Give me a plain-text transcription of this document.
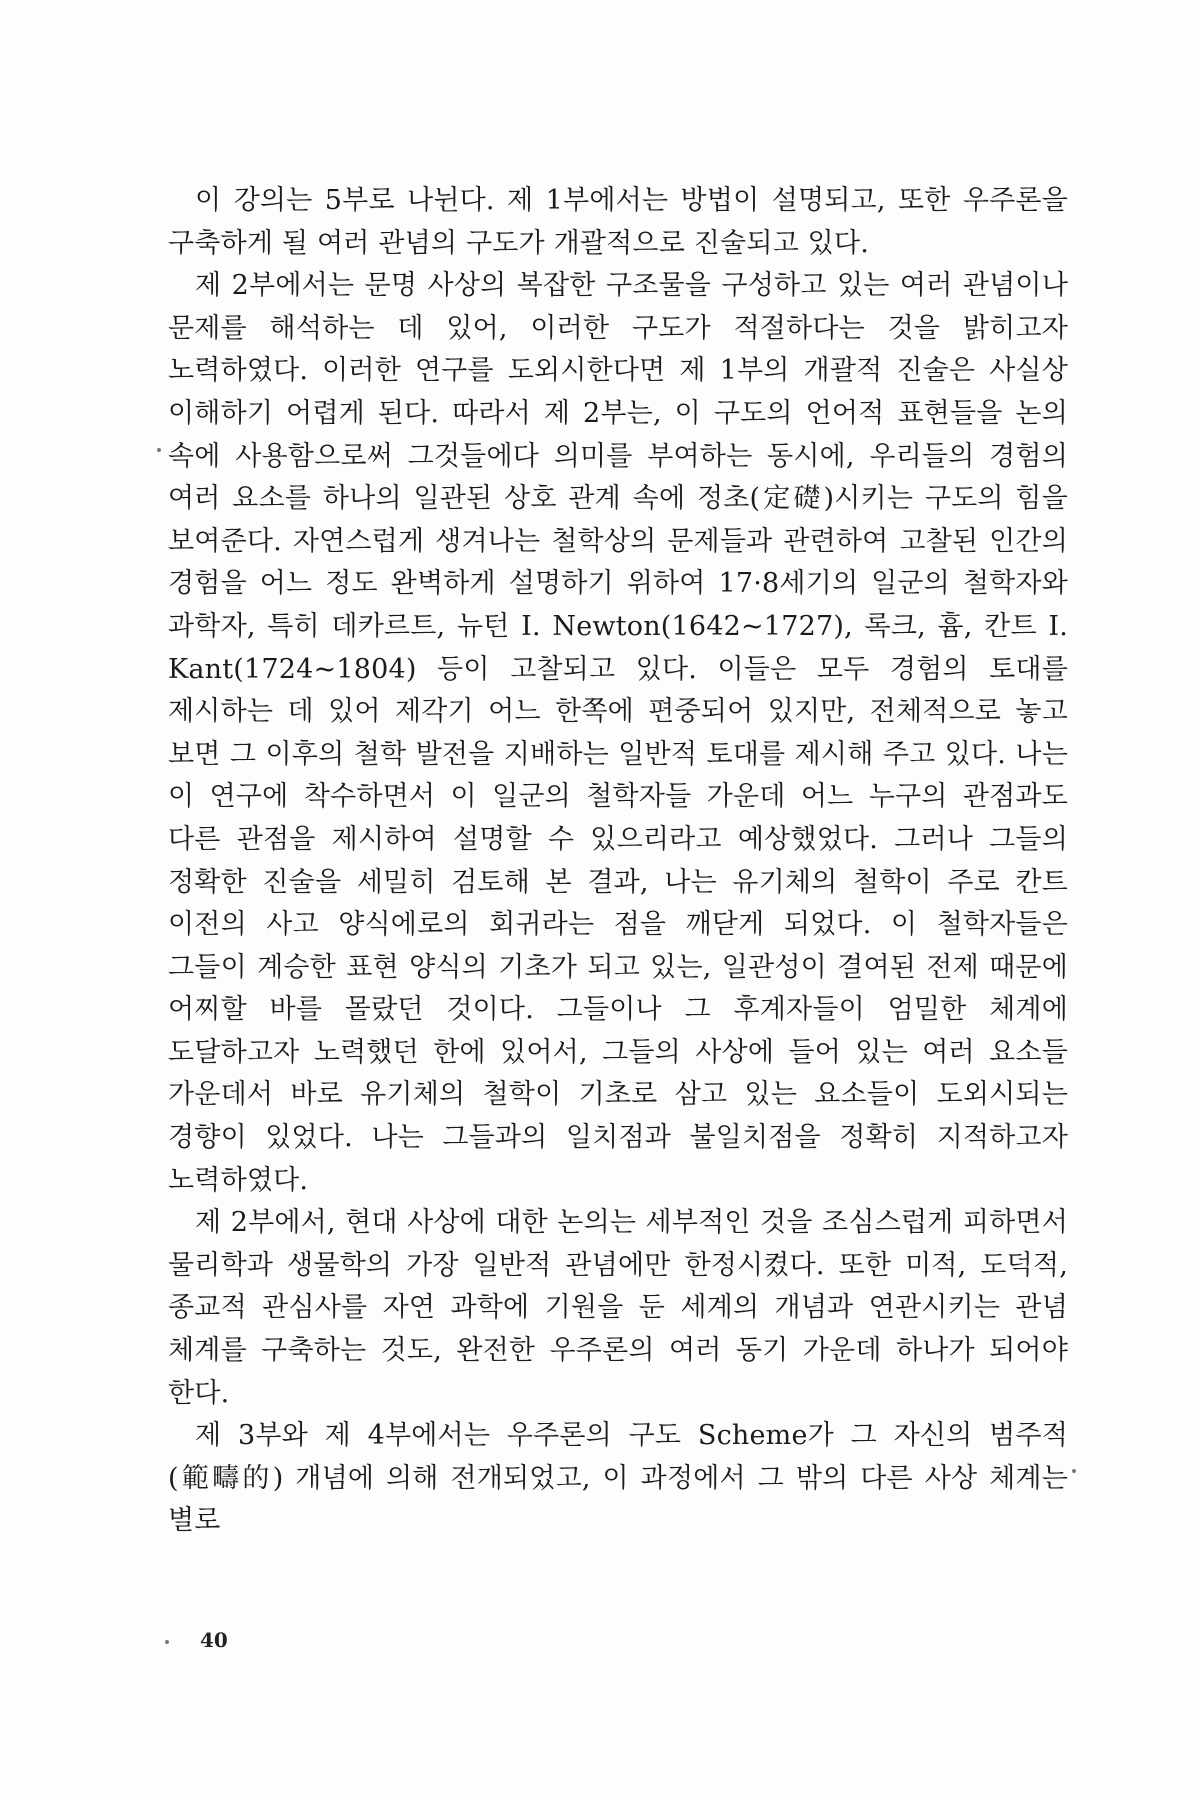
이 강의는 5부로 나뉜다. 제 1부에서는 방법이 설명되고, 또한 우주론을 구축하게 될 여러 관념의 구도가 개괄적으로 진술되고 있다.

제 2부에서는 문명 사상의 복잡한 구조물을 구성하고 있는 여러 관념이나 문제를 해석하는 데 있어, 이러한 구도가 적절하다는 것을 밝히고자 노력하였다. 이러한 연구를 도외시한다면 제 1부의 개괄적 진술은 사실상 이해하기 어렵게 된다. 따라서 제 2부는, 이 구도의 언어적 표현들을 논의 속에 사용함으로써 그것들에다 의미를 부여하는 동시에, 우리들의 경험의 여러 요소를 하나의 일관된 상호 관계 속에 정초(定礎)시키는 구도의 힘을 보여준다. 자연스럽게 생겨나는 철학상의 문제들과 관련하여 고찰된 인간의 경험을 어느 정도 완벽하게 설명하기 위하여 17·8세기의 일군의 철학자와 과학자, 특히 데카르트, 뉴턴 I. Newton(1642~1727), 록크, 흄, 칸트 I. Kant(1724~1804) 등이 고찰되고 있다. 이들은 모두 경험의 토대를 제시하는 데 있어 제각기 어느 한쪽에 편중되어 있지만, 전체적으로 놓고 보면 그 이후의 철학 발전을 지배하는 일반적 토대를 제시해 주고 있다. 나는 이 연구에 착수하면서 이 일군의 철학자들 가운데 어느 누구의 관점과도 다른 관점을 제시하여 설명할 수 있으리라고 예상했었다. 그러나 그들의 정확한 진술을 세밀히 검토해 본 결과, 나는 유기체의 철학이 주로 칸트 이전의 사고 양식에로의 회귀라는 점을 깨닫게 되었다. 이 철학자들은 그들이 계승한 표현 양식의 기초가 되고 있는, 일관성이 결여된 전제 때문에 어찌할 바를 몰랐던 것이다. 그들이나 그 후계자들이 엄밀한 체계에 도달하고자 노력했던 한에 있어서, 그들의 사상에 들어 있는 여러 요소들 가운데서 바로 유기체의 철학이 기초로 삼고 있는 요소들이 도외시되는 경향이 있었다. 나는 그들과의 일치점과 불일치점을 정확히 지적하고자 노력하였다.

제 2부에서, 현대 사상에 대한 논의는 세부적인 것을 조심스럽게 피하면서 물리학과 생물학의 가장 일반적 관념에만 한정시켰다. 또한 미적, 도덕적, 종교적 관심사를 자연 과학에 기원을 둔 세계의 개념과 연관시키는 관념 체계를 구축하는 것도, 완전한 우주론의 여러 동기 가운데 하나가 되어야 한다.

제 3부와 제 4부에서는 우주론의 구도 Scheme가 그 자신의 범주적(範疇的) 개념에 의해 전개되었고, 이 과정에서 그 밖의 다른 사상 체계는 별로

40
